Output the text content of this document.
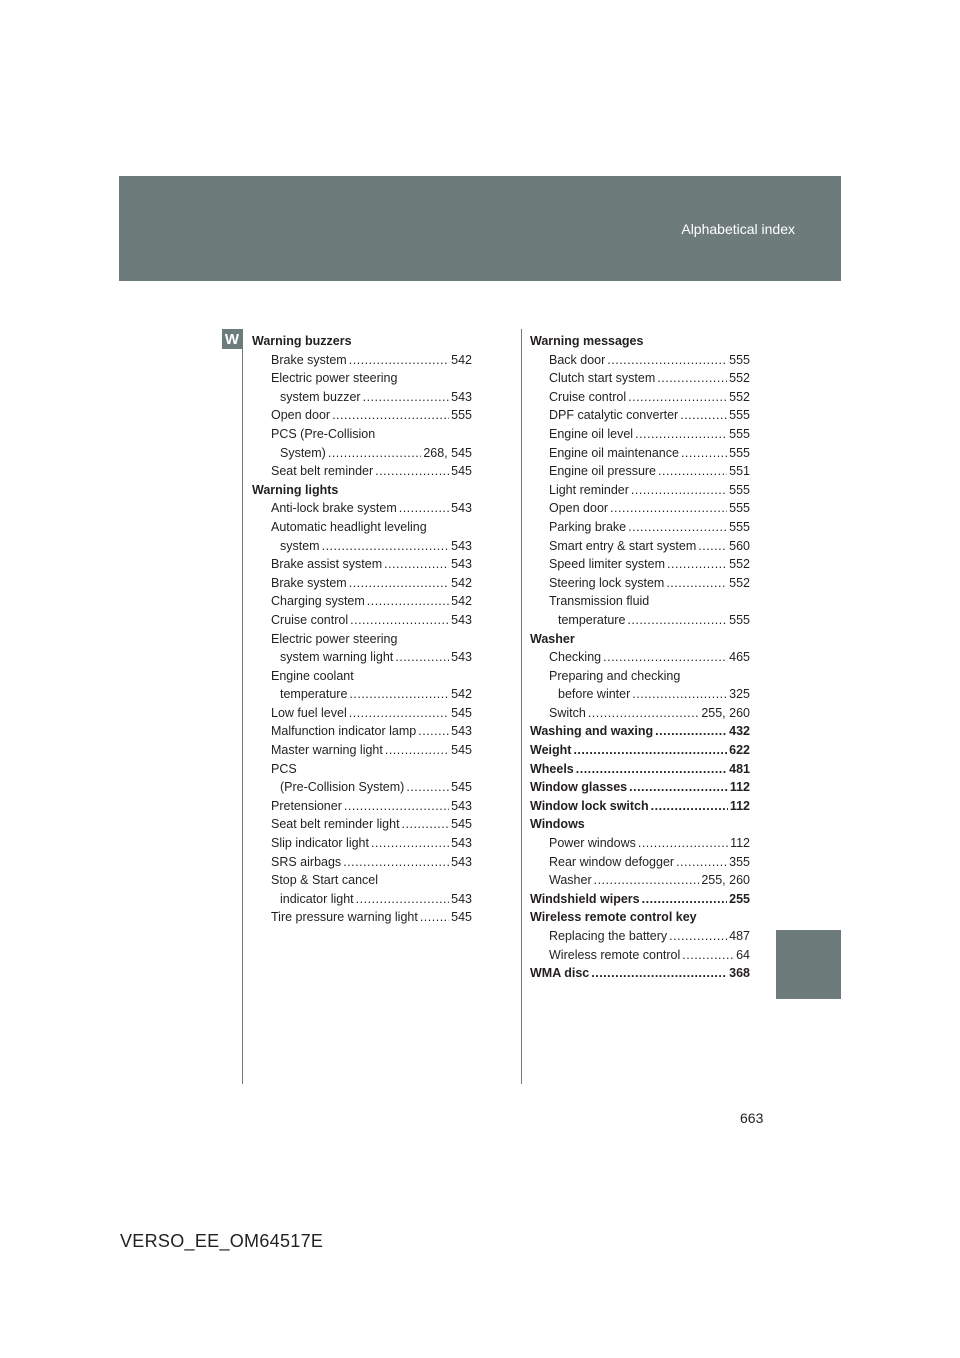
Alphabetical index
W Warning buzzers
Brake system .....	542
Electric power steering
system buzzer .....	543
Open door .....	555
PCS (Pre-Collision
System) .....	268, 545
Seat belt reminder .....	545
Warning lights
Anti-lock brake system .....	543
Automatic headlight leveling
system .....	543
Brake assist system .....	543
Brake system .....	542
Charging system .....	542
Cruise control .....	543
Electric power steering
system warning light .....	543
Engine coolant
temperature .....	542
Low fuel level .....	545
Malfunction indicator lamp .....	543
Master warning light .....	545
PCS
(Pre-Collision System) .....	545
Pretensioner .....	543
Seat belt reminder light .....	545
Slip indicator light .....	543
SRS airbags .....	543
Stop & Start cancel
indicator light .....	543
Tire pressure warning light .....	545
Warning messages
Back door .....	555
Clutch start system .....	552
Cruise control .....	552
DPF catalytic converter .....	555
Engine oil level .....	555
Engine oil maintenance .....	555
Engine oil pressure .....	551
Light reminder .....	555
Open door .....	555
Parking brake .....	555
Smart entry & start system .....	560
Speed limiter system .....	552
Steering lock system .....	552
Transmission fluid
temperature .....	555
Washer
Checking .....	465
Preparing and checking
before winter .....	325
Switch .....	255, 260
Washing and waxing .....	432
Weight .....	622
Wheels .....	481
Window glasses .....	112
Window lock switch .....	112
Windows
Power windows .....	112
Rear window defogger .....	355
Washer .....	255, 260
Windshield wipers .....	255
Wireless remote control key
Replacing the battery .....	487
Wireless remote control .....	64
WMA disc .....	368
663
VERSO_EE_OM64517E
